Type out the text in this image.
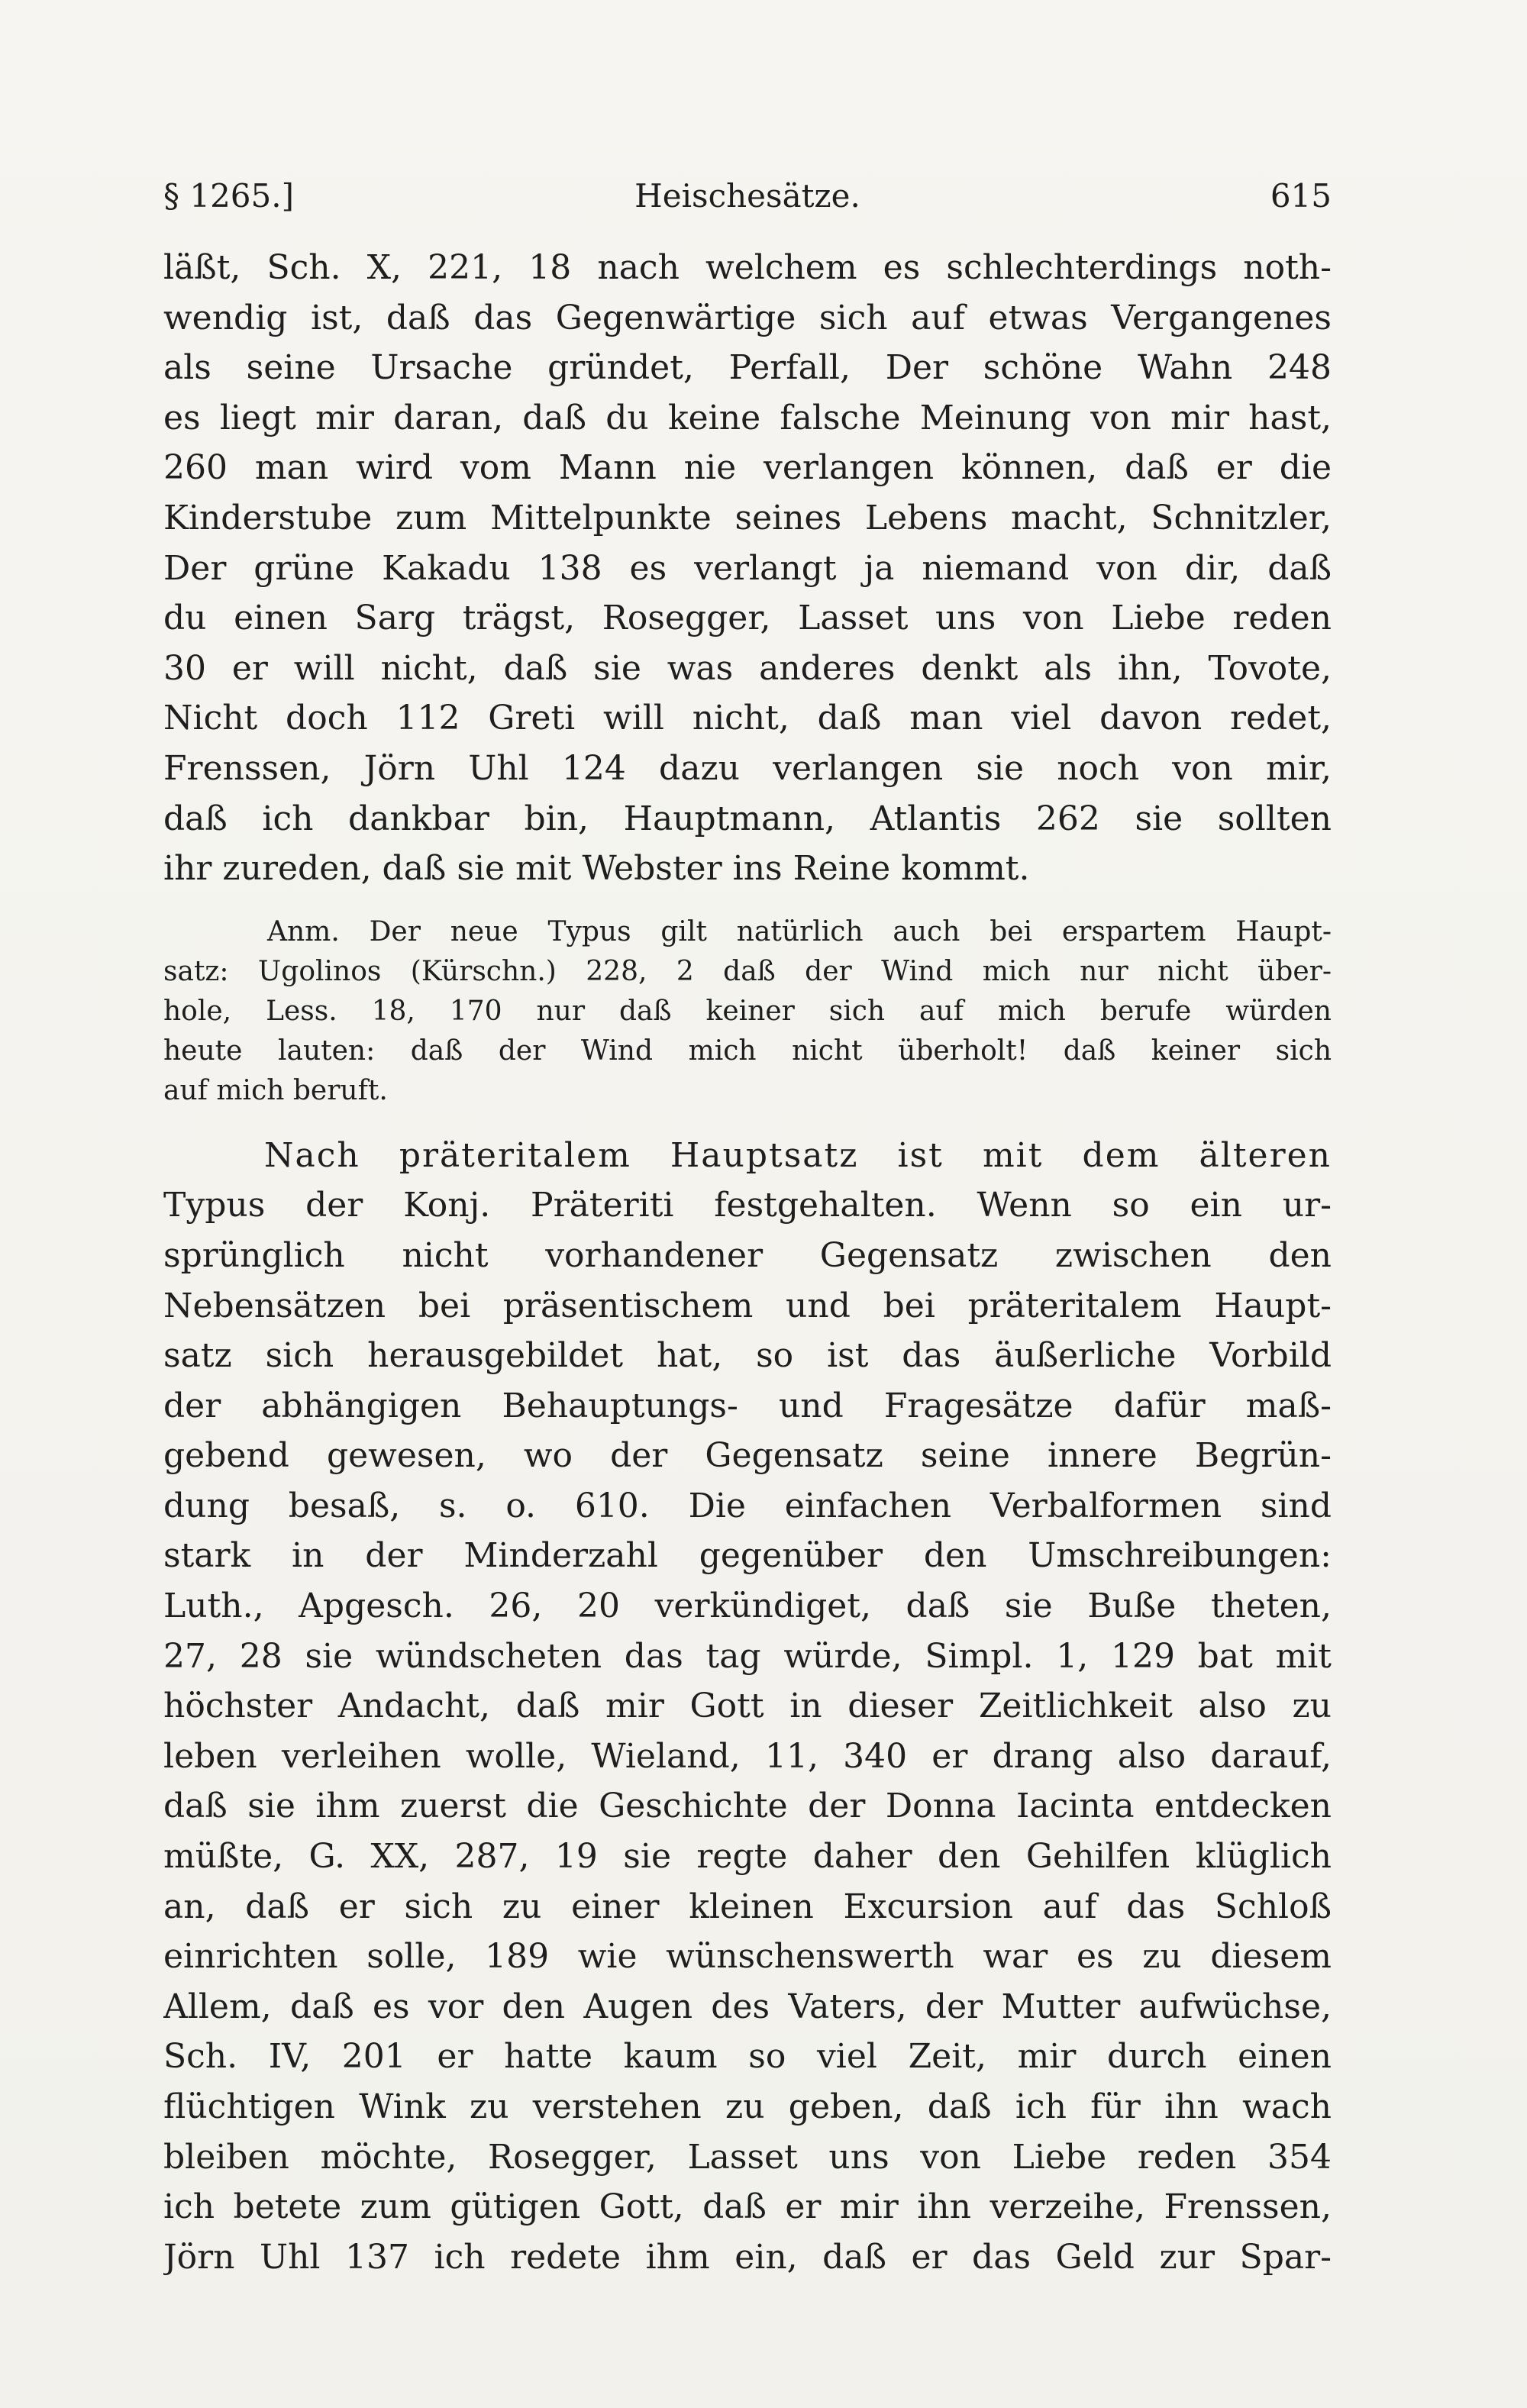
§ 1265.]	Heischesätze.	615
läßt, Sch. X, 221, 18 nach welchem es schlechterdings noth-
wendig ist, daß das Gegenwärtige sich auf etwas Vergangenes
als seine Ursache gründet, Perfall, Der schöne Wahn 248
es liegt mir daran, daß du keine falsche Meinung von mir hast,
260 man wird vom Mann nie verlangen können, daß er die
Kinderstube zum Mittelpunkte seines Lebens macht, Schnitzler,
Der grüne Kakadu 138 es verlangt ja niemand von dir, daß
du einen Sarg trägst, Rosegger, Lasset uns von Liebe reden
30 er will nicht, daß sie was anderes denkt als ihn, Tovote,
Nicht doch 112 Greti will nicht, daß man viel davon redet,
Frenssen, Jörn Uhl 124 dazu verlangen sie noch von mir,
daß ich dankbar bin, Hauptmann, Atlantis 262 sie sollten
ihr zureden, daß sie mit Webster ins Reine kommt.
Anm. Der neue Typus gilt natürlich auch bei erspartem Haupt-
satz: Ugolinos (Kürschn.) 228, 2 daß der Wind mich nur nicht über-
hole, Less. 18, 170 nur daß keiner sich auf mich berufe würden
heute lauten: daß der Wind mich nicht überholt! daß keiner sich
auf mich beruft.
Nach präteritalem Hauptsatz ist mit dem älteren
Typus der Konj. Präteriti festgehalten. Wenn so ein ur-
sprünglich nicht vorhandener Gegensatz zwischen den
Nebensätzen bei präsentischem und bei präteritalem Haupt-
satz sich herausgebildet hat, so ist das äußerliche Vorbild
der abhängigen Behauptungs- und Fragesätze dafür maß-
gebend gewesen, wo der Gegensatz seine innere Begrün-
dung besaß, s. o. 610. Die einfachen Verbalformen sind
stark in der Minderzahl gegenüber den Umschreibungen:
Luth., Apgesch. 26, 20 verkündiget, daß sie Buße theten,
27, 28 sie wündscheten das tag würde, Simpl. 1, 129 bat mit
höchster Andacht, daß mir Gott in dieser Zeitlichkeit also zu
leben verleihen wolle, Wieland, 11, 340 er drang also darauf,
daß sie ihm zuerst die Geschichte der Donna Iacinta entdecken
müßte, G. XX, 287, 19 sie regte daher den Gehilfen klüglich
an, daß er sich zu einer kleinen Excursion auf das Schloß
einrichten solle, 189 wie wünschenswerth war es zu diesem
Allem, daß es vor den Augen des Vaters, der Mutter aufwüchse,
Sch. IV, 201 er hatte kaum so viel Zeit, mir durch einen
flüchtigen Wink zu verstehen zu geben, daß ich für ihn wach
bleiben möchte, Rosegger, Lasset uns von Liebe reden 354
ich betete zum gütigen Gott, daß er mir ihn verzeihe, Frenssen,
Jörn Uhl 137 ich redete ihm ein, daß er das Geld zur Spar-
